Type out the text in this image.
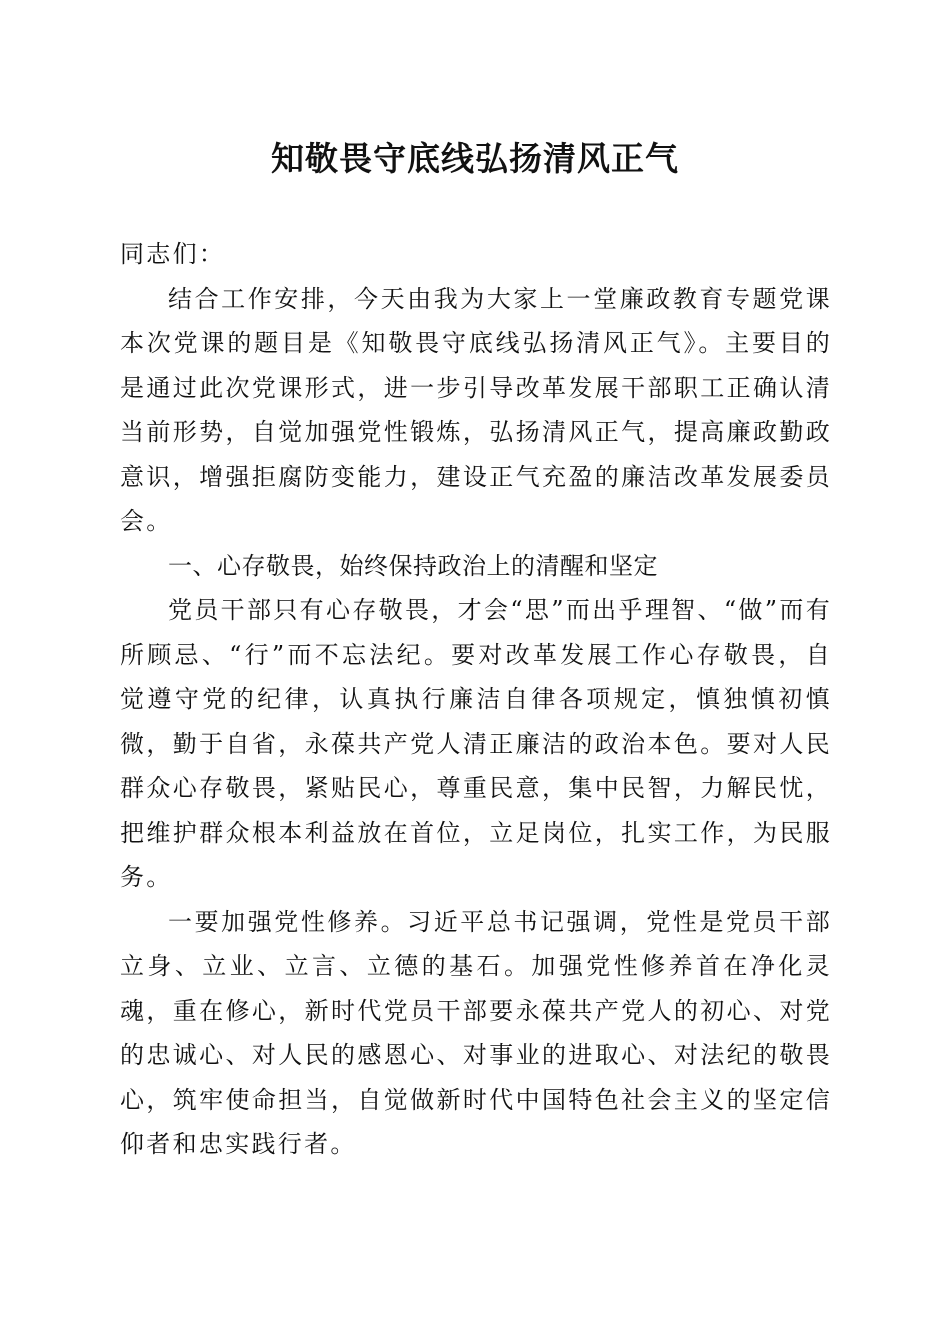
知敬畏守底线弘扬清风正气

同志们：

结合工作安排，今天由我为大家上一堂廉政教育专题党课本次党课的题目是《知敬畏守底线弘扬清风正气》。主要目的是通过此次党课形式，进一步引导改革发展干部职工正确认清当前形势，自觉加强党性锻炼，弘扬清风正气，提高廉政勤政意识，增强拒腐防变能力，建设正气充盈的廉洁改革发展委员会。

一、心存敬畏，始终保持政治上的清醒和坚定

党员干部只有心存敬畏，才会“思”而出乎理智、“做”而有所顾忌、“行”而不忘法纪。要对改革发展工作心存敬畏，自觉遵守党的纪律，认真执行廉洁自律各项规定，慎独慎初慎微，勤于自省，永葆共产党人清正廉洁的政治本色。要对人民群众心存敬畏，紧贴民心，尊重民意，集中民智，力解民忧，把维护群众根本利益放在首位，立足岗位，扎实工作，为民服务。

一要加强党性修养。习近平总书记强调，党性是党员干部立身、立业、立言、立德的基石。加强党性修养首在净化灵魂，重在修心，新时代党员干部要永葆共产党人的初心、对党的忠诚心、对人民的感恩心、对事业的进取心、对法纪的敬畏心，筑牢使命担当，自觉做新时代中国特色社会主义的坚定信仰者和忠实践行者。
